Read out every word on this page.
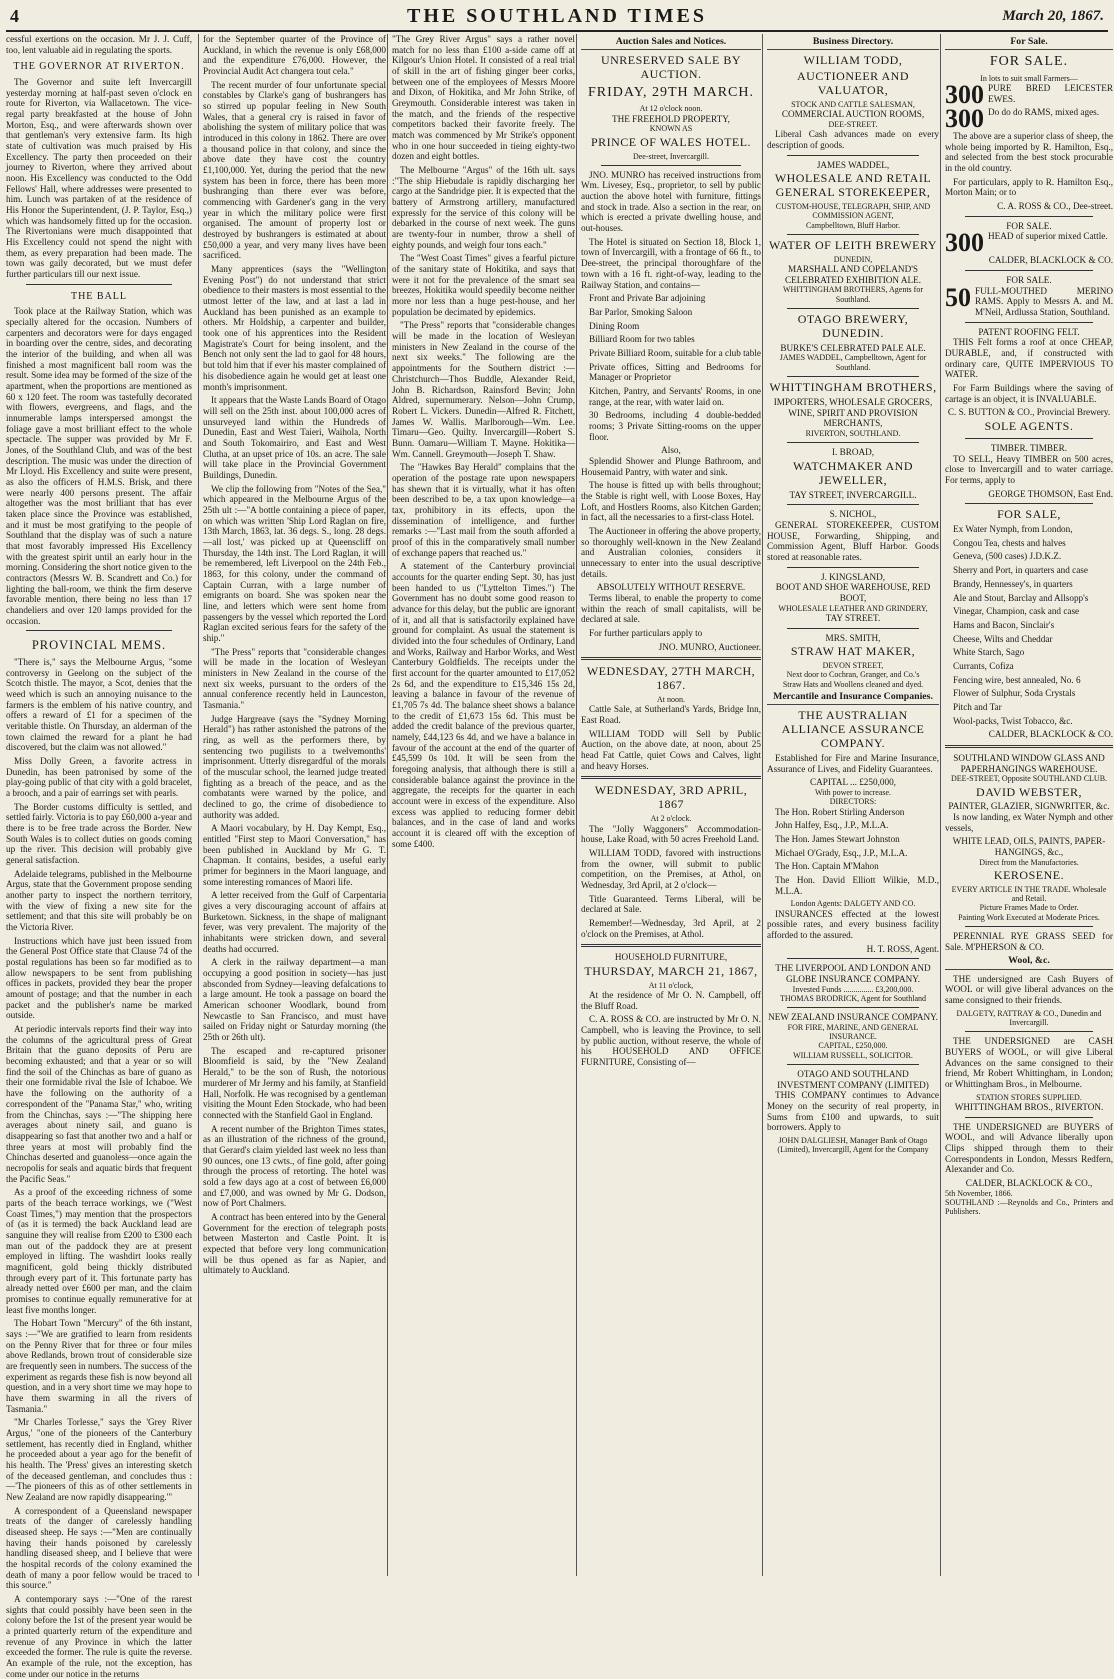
4	THE SOUTHLAND TIMES	March 20, 1867.

cessful exertions on the occasion. Mr J. J. Cuff, too, lent valuable aid in regulating the sports.

THE GOVERNOR AT RIVERTON.

The Governor and suite left Invercargill yesterday morning at half-past seven o'clock en route for Riverton, via Wallacetown. The vice-regal party breakfasted at the house of John Morton, Esq., and were afterwards shown over that gentleman's very extensive farm. Its high state of cultivation was much praised by His Excellency. The party then proceeded on their journey to Riverton, where they arrived about noon. His Excellency was conducted to the Odd Fellows' Hall, where addresses were presented to him. Lunch was partaken of at the residence of His Honor the Superintendent, (J. P. Taylor, Esq.,) which was handsomely fitted up for the occasion. The Rivertonians were much disappointed that His Excellency could not spend the night with them, as every preparation had been made. The town was gaily decorated, but we must defer further particulars till our next issue.

THE BALL

Took place at the Railway Station, which was specially altered for the occasion. Numbers of carpenters and decorators were for days engaged in boarding over the centre, sides, and decorating the interior of the building, and when all was finished a most magnificent ball room was the result. Some idea may be formed of the size of the apartment, when the proportions are mentioned as 60 x 120 feet. The room was tastefully decorated with flowers, evergreens, and flags, and the innumerable lamps interspersed amongst the foliage gave a most brilliant effect to the whole spectacle. The supper was provided by Mr F. Jones, of the Southland Club, and was of the best description. The music was under the direction of Mr Lloyd. His Excellency and suite were present, as also the officers of H.M.S. Brisk, and there were nearly 400 persons present. The affair altogether was the most brilliant that has ever taken place since the Province was established, and it must be most gratifying to the people of Southland that the display was of such a nature that most favorably impressed His Excellency with the greatest spirit until an early hour in the morning. Considering the short notice given to the contractors (Messrs W. B. Scandrett and Co.) for lighting the ball-room, we think the firm deserve favorable mention, there being no less than 17 chandeliers and over 120 lamps provided for the occasion.

PROVINCIAL MEMS.

"There is," says the Melbourne Argus, "some controversy in Geelong on the subject of the Scotch thistle. The mayor, a Scot, denies that the weed which is such an annoying nuisance to the farmers is the emblem of his native country, and offers a reward of £1 for a specimen of the veritable thistle. On Thursday, an alderman of the town claimed the reward for a plant he had discovered, but the claim was not allowed."

Miss Dolly Green, a favorite actress in Dunedin, has been patronised by some of the play-going public of that city with a gold bracelet, a brooch, and a pair of earrings set with pearls.

The Border customs difficulty is settled, and settled fairly. Victoria is to pay £60,000 a-year and there is to be free trade across the Border. New South Wales is to collect duties on goods coming up the river. This decision will probably give general satisfaction.

Adelaide telegrams, published in the Melbourne Argus, state that the Government propose sending another party to inspect the northern territory, with the view of fixing a new site for the settlement; and that this site will probably be on the Victoria River.

Instructions which have just been issued from the General Post Office state that Clause 74 of the postal regulations has been so far modified as to allow newspapers to be sent from publishing offices in packets, provided they bear the proper amount of postage; and that the number in each packet and the publisher's name be marked outside.

At periodic intervals reports find their way into the columns of the agricultural press of Great Britain that the guano deposits of Peru are becoming exhausted; and that a year or so will find the soil of the Chinchas as bare of guano as their one formidable rival the Isle of Ichaboe. We have the following on the authority of a correspondent of the "Panama Star," who, writing from the Chinchas, says :—"The shipping here averages about ninety sail, and guano is disappearing so fast that another two and a half or three years at most will probably find the Chinchas deserted and guanoless—once again the necropolis for seals and aquatic birds that frequent the Pacific Seas."

As a proof of the exceeding richness of some parts of the beach terrace workings, we ("West Coast Times,") may mention that the prospectors of (as it is termed) the back Auckland lead are sanguine they will realise from £200 to £300 each man out of the paddock they are at present employed in lifting. The washdirt looks really magnificent, gold being thickly distributed through every part of it. This fortunate party has already netted over £600 per man, and the claim promises to continue equally remunerative for at least five months longer.

The Hobart Town "Mercury" of the 6th instant, says :—"We are gratified to learn from residents on the Penny River that for three or four miles above Redlands, brown trout of considerable size are frequently seen in numbers. The success of the experiment as regards these fish is now beyond all question, and in a very short time we may hope to have them swarming in all the rivers of Tasmania."

"Mr Charles Torlesse," says the 'Grey River Argus,' "one of the pioneers of the Canterbury settlement, has recently died in England, whither he proceeded about a year ago for the benefit of his health. The 'Press' gives an interesting sketch of the deceased gentleman, and concludes thus :—'The pioneers of this as of other settlements in New Zealand are now rapidly disappearing.'"

A correspondent of a Queensland newspaper treats of the danger of carelessly handling diseased sheep. He says :—"Men are continually having their hands poisoned by carelessly handling diseased sheep, and I believe that were the hospital records of the colony examined the death of many a poor fellow would be traced to this source."

A contemporary says :—"One of the rarest sights that could possibly have been seen in the colony before the 1st of the present year would be a printed quarterly return of the expenditure and revenue of any Province in which the latter exceeded the former. The rule is quite the reverse. An example of the rule, not the exception, has come under our notice in the returns

for the September quarter of the Province of Auckland, in which the revenue is only £68,000 and the expenditure £76,000. However, the Provincial Audit Act changera tout cela."

The recent murder of four unfortunate special constables by Clarke's gang of bushrangers has so stirred up popular feeling in New South Wales, that a general cry is raised in favor of abolishing the system of military police that was introduced in this colony in 1862. There are over a thousand police in that colony, and since the above date they have cost the country £1,100,000. Yet, during the period that the new system has been in force, there has been more bushranging than there ever was before, commencing with Gardener's gang in the very year in which the military police were first organised. The amount of property lost or destroyed by bushrangers is estimated at about £50,000 a year, and very many lives have been sacrificed.

Many apprentices (says the "Wellington Evening Post") do not understand that strict obedience to their masters is most essential to the utmost letter of the law, and at last a lad in Auckland has been punished as an example to others. Mr Holdship, a carpenter and builder, took one of his apprentices into the Resident Magistrate's Court for being insolent, and the Bench not only sent the lad to gaol for 48 hours, but told him that if ever his master complained of his disobedience again he would get at least one month's imprisonment.

It appears that the Waste Lands Board of Otago will sell on the 25th inst. about 100,000 acres of unsurveyed land within the Hundreds of Dunedin, East and West Taieri, Waihola, North and South Tokomairiro, and East and West Clutha, at an upset price of 10s. an acre. The sale will take place in the Provincial Government Buildings, Dunedin.

We clip the following from "Notes of the Sea," which appeared in the Melbourne Argus of the 25th ult :—"A bottle containing a piece of paper, on which was written 'Ship Lord Raglan on fire, 13th March, 1863, lat. 36 degs. S., long. 28 degs.—all lost,' was picked up at Queenscliff on Thursday, the 14th inst. The Lord Raglan, it will be remembered, left Liverpool on the 24th Feb., 1863, for this colony, under the command of Captain Curran, with a large number of emigrants on board. She was spoken near the line, and letters which were sent home from passengers by the vessel which reported the Lord Raglan excited serious fears for the safety of the ship."

"The Press" reports that "considerable changes will be made in the location of Wesleyan ministers in New Zealand in the course of the next six weeks, pursuant to the orders of the annual conference recently held in Launceston, Tasmania."

Judge Hargreave (says the "Sydney Morning Herald") has rather astonished the patrons of the ring, as well as the performers there, by sentencing two pugilists to a twelvemonths' imprisonment. Utterly disregardful of the morals of the muscular school, the learned judge treated fighting as a breach of the peace, and as the combatants were warned by the police, and declined to go, the crime of disobedience to authority was added.

A Maori vocabulary, by H. Day Kempt, Esq., entitled "First step to Maori Conversation," has been published in Auckland by Mr G. T. Chapman. It contains, besides, a useful early primer for beginners in the Maori language, and some interesting romances of Maori life.

A letter received from the Gulf of Carpentaria gives a very discouraging account of affairs at Burketown. Sickness, in the shape of malignant fever, was very prevalent. The majority of the inhabitants were stricken down, and several deaths had occurred.

A clerk in the railway department—a man occupying a good position in society—has just absconded from Sydney—leaving defalcations to a large amount. He took a passage on board the American schooner Woodlark, bound from Newcastle to San Francisco, and must have sailed on Friday night or Saturday morning (the 25th or 26th ult).

The escaped and re-captured prisoner Bloomfield is said, by the "New Zealand Herald," to be the son of Rush, the notorious murderer of Mr Jermy and his family, at Stanfield Hall, Norfolk. He was recognised by a gentleman visiting the Mount Eden Stockade, who had been connected with the Stanfield Gaol in England.

A recent number of the Brighton Times states, as an illustration of the richness of the ground, that Gerard's claim yielded last week no less than 90 ounces, one 13 cwts., of fine gold, after going through the process of retorting. The hotel was sold a few days ago at a cost of between £6,000 and £7,000, and was owned by Mr G. Dodson, now of Port Chalmers.

A contract has been entered into by the General Government for the erection of telegraph posts between Masterton and Castle Point. It is expected that before very long communication will be thus opened as far as Napier, and ultimately to Auckland.

"The Grey River Argus" says a rather novel match for no less than £100 a-side came off at Kilgour's Union Hotel. It consisted of a real trial of skill in the art of fishing ginger beer corks, between one of the employees of Messrs Moore and Dixon, of Hokitika, and Mr John Strike, of Greymouth. Considerable interest was taken in the match, and the friends of the respective competitors backed their favorite freely. The match was commenced by Mr Strike's opponent who in one hour succeeded in tieing eighty-two dozen and eight bottles.

The Melbourne "Argus" of the 16th ult. says :"The ship Hiebudale is rapidly discharging her cargo at the Sandridge pier. It is expected that the battery of Armstrong artillery, manufactured expressly for the service of this colony will be debarked in the course of next week. The guns are twenty-four in number, throw a shell of eighty pounds, and weigh four tons each."

The "West Coast Times" gives a fearful picture of the sanitary state of Hokitika, and says that were it not for the prevalence of the smart sea breezes, Hokitika would speedily become neither more nor less than a huge pest-house, and her population be decimated by epidemics.

"The Press" reports that "considerable changes will be made in the location of Wesleyan ministers in New Zealand in the course of the next six weeks." The following are the appointments for the Southern district :—Christchurch—Thos Buddle, Alexander Reid, John B. Richardson, Rainsford Bevin; John Aldred, supernumerary. Nelson—John Crump, Robert L. Vickers. Dunedin—Alfred R. Fitchett, James W. Wallis. Marlborough—Wm. Lee. Timaru—Geo. Quilty. Invercargill—Robert S. Bunn. Oamaru—William T. Mayne. Hokitika—Wm. Cannell. Greymouth—Joseph T. Shaw.

The "Hawkes Bay Herald" complains that the operation of the postage rate upon newspapers has shewn that it is virtually, what it has often been described to be, a tax upon knowledge—a tax, prohibitory in its effects, upon the dissemination of intelligence, and further remarks :—"Last mail from the south afforded a proof of this in the comparatively small number of exchange papers that reached us."

A statement of the Canterbury provincial accounts for the quarter ending Sept. 30, has just been handed to us ("Lyttelton Times.") The Government has no doubt some good reason to advance for this delay, but the public are ignorant of it, and all that is satisfactorily explained have ground for complaint. As usual the statement is divided into the four schedules of Ordinary, Land and Works, Railway and Harbor Works, and West Canterbury Goldfields. The receipts under the first account for the quarter amounted to £17,052 2s 6d, and the expenditure to £15,346 15s 2d, leaving a balance in favour of the revenue of £1,705 7s 4d. The balance sheet shows a balance to the credit of £1,673 15s 6d. This must be added the credit balance of the previous quarter, namely, £44,123 6s 4d, and we have a balance in favour of the account at the end of the quarter of £45,599 0s 10d. It will be seen from the foregoing analysis, that although there is still a considerable balance against the province in the aggregate, the receipts for the quarter in each account were in excess of the expenditure. Also excess was applied to reducing former debit balances, and in the case of land and works account it is cleared off with the exception of some £400.

Auction Sales and Notices.
UNRESERVED SALE BY AUCTION.
FRIDAY, 29TH MARCH.
At 12 o'clock noon.
THE FREEHOLD PROPERTY,
KNOWN AS
PRINCE OF WALES HOTEL.
Dee-street, Invercargill.

JNO. MUNRO has received instructions from Wm. Livesey, Esq., proprietor, to sell by public auction the above hotel with furniture, fittings and stock in trade. Also a section in the rear, on which is erected a private dwelling house, and out-houses.

The Hotel is situated on Section 18, Block 1, town of Invercargill, with a frontage of 66 ft., to Dee-street, the principal thoroughfare of the town with a 16 ft. right-of-way, leading to the Railway Station, and contains—

Front and Private Bar adjoining

Bar Parlor, Smoking Saloon

Dining Room

Billiard Room for two tables

Private Billiard Room, suitable for a club table

Private offices, Sitting and Bedrooms for Manager or Proprietor

Kitchen, Pantry, and Servants' Rooms, in one range, at the rear, with water laid on.

30 Bedrooms, including 4 double-bedded rooms; 3 Private Sitting-rooms on the upper floor.

Also,

Splendid Shower and Plunge Bathroom, and Housemaid Pantry, with water and sink.

The house is fitted up with bells throughout; the Stable is right well, with Loose Boxes, Hay Loft, and Hostlers Rooms, also Kitchen Garden; in fact, all the necessaries to a first-class Hotel.

The Auctioneer in offering the above property, so thoroughly well-known in the New Zealand and Australian colonies, considers it unnecessary to enter into the usual descriptive details.

ABSOLUTELY WITHOUT RESERVE.

Terms liberal, to enable the property to come within the reach of small capitalists, will be declared at sale.

For further particulars apply to

JNO. MUNRO, Auctioneer.

WEDNESDAY, 27TH MARCH, 1867.
At noon.

Cattle Sale, at Sutherland's Yards, Bridge Inn, East Road.

WILLIAM TODD will Sell by Public Auction, on the above date, at noon, about 25 head Fat Cattle, quiet Cows and Calves, light and heavy Horses.

WEDNESDAY, 3RD APRIL, 1867
At 2 o'clock.

The "Jolly Waggoners" Accommodation-house, Lake Road, with 50 acres Freehold Land.

WILLIAM TODD, favored with instructions from the owner, will submit to public competition, on the Premises, at Athol, on Wednesday, 3rd April, at 2 o'clock—

Title Guaranteed. Terms Liberal, will be declared at Sale.

Remember!—Wednesday, 3rd April, at 2 o'clock on the Premises, at Athol.

HOUSEHOLD FURNITURE,
THURSDAY, MARCH 21, 1867,
At 11 o'clock,

At the residence of Mr O. N. Campbell, off the Bluff Road.

C. A. ROSS & CO. are instructed by Mr O. N. Campbell, who is leaving the Province, to sell by public auction, without reserve, the whole of his HOUSEHOLD AND OFFICE FURNITURE, Consisting of—

Business Directory.
WILLIAM TODD,
AUCTIONEER AND VALUATOR,
STOCK AND CATTLE SALESMAN,
COMMERCIAL AUCTION ROOMS,
DEE-STREET.

Liberal Cash advances made on every description of goods.

JAMES WADDEL,
WHOLESALE AND RETAIL GENERAL STOREKEEPER,
CUSTOM-HOUSE, TELEGRAPH, SHIP, AND COMMISSION AGENT,
Campbelltown, Bluff Harbor.
WATER OF LEITH BREWERY
DUNEDIN,
MARSHALL AND COPELAND'S CELEBRATED EXHIBITION ALE.
WHITTINGHAM BROTHERS, Agents for Southland.
OTAGO BREWERY, DUNEDIN.
BURKE'S CELEBRATED PALE ALE.
JAMES WADDEL, Campbelltown, Agent for Southland.
WHITTINGHAM BROTHERS,
IMPORTERS, WHOLESALE GROCERS, WINE, SPIRIT AND PROVISION MERCHANTS,
RIVERTON, SOUTHLAND.
I. BROAD,
WATCHMAKER AND JEWELLER,
TAY STREET, INVERCARGILL.
S. NICHOL,

GENERAL STOREKEEPER, CUSTOM HOUSE, Forwarding, Shipping, and Commission Agent, Bluff Harbor. Goods stored at reasonable rates.

J. KINGSLAND,
BOOT AND SHOE WAREHOUSE, RED BOOT,
WHOLESALE LEATHER AND GRINDERY,
TAY STREET.
MRS. SMITH,
STRAW HAT MAKER,
DEVON STREET,
Next door to Cochran, Granger, and Co.'s
Straw Hats and Woollens cleaned and dyed.
Mercantile and Insurance Companies.
THE AUSTRALIAN ALLIANCE ASSURANCE COMPANY.

Established for Fire and Marine Insurance, Assurance of Lives, and Fidelity Guarantees.

CAPITAL ... £250,000,
With power to increase.
DIRECTORS:

The Hon. Robert Stirling Anderson

John Halfey, Esq., J.P., M.L.A.

The Hon. James Stewart Johnston

Michael O'Grady, Esq., J.P., M.L.A.

The Hon. Captain M'Mahon

The Hon. David Elliott Wilkie, M.D., M.L.A.

London Agents: DALGETY AND CO.

INSURANCES effected at the lowest possible rates, and every business facility afforded to the assured.

H. T. ROSS, Agent.

THE LIVERPOOL AND LONDON AND GLOBE INSURANCE COMPANY.
Invested Funds ............... £3,200,000.
THOMAS BRODRICK, Agent for Southland
NEW ZEALAND INSURANCE COMPANY.
FOR FIRE, MARINE, AND GENERAL INSURANCE.
CAPITAL, £250,000.
WILLIAM RUSSELL, SOLICITOR.
OTAGO AND SOUTHLAND INVESTMENT COMPANY (LIMITED)

THIS COMPANY continues to Advance Money on the security of real property, in Sums from £100 and upwards, to suit borrowers. Apply to

JOHN DALGLIESH, Manager Bank of Otago (Limited), Invercargill, Agent for the Company
For Sale.
FOR SALE.
In lots to suit small Farmers—
300 PURE BRED LEICESTER EWES.
300 Do do do RAMS, mixed ages.

The above are a superior class of sheep, the whole being imported by R. Hamilton, Esq., and selected from the best stock procurable in the old country.

For particulars, apply to R. Hamilton Esq., Morton Main; or to

C. A. ROSS & CO., Dee-street.

FOR SALE.
300 HEAD of superior mixed Cattle.

CALDER, BLACKLOCK & CO.

FOR SALE.
50 FULL-MOUTHED MERINO RAMS. Apply to Messrs A. and M. M'Neil, Ardlussa Station, Southland.
PATENT ROOFING FELT.

THIS Felt forms a roof at once CHEAP, DURABLE, and, if constructed with ordinary care, QUITE IMPERVIOUS TO WATER.

For Farm Buildings where the saving of cartage is an object, it is INVALUABLE.

C. S. BUTTON & CO., Provincial Brewery.
SOLE AGENTS.
TIMBER. TIMBER.

TO SELL, Heavy TIMBER on 500 acres, close to Invercargill and to water carriage. For terms, apply to

GEORGE THOMSON, East End.

FOR SALE,

Ex Water Nymph, from London,

Congou Tea, chests and halves

Geneva, (500 cases) J.D.K.Z.

Sherry and Port, in quarters and case

Brandy, Hennessey's, in quarters

Ale and Stout, Barclay and Allsopp's

Vinegar, Champion, cask and case

Hams and Bacon, Sinclair's

Cheese, Wilts and Cheddar

White Starch, Sago

Currants, Cofiza

Fencing wire, best annealed, No. 6

Flower of Sulphur, Soda Crystals

Pitch and Tar

Wool-packs, Twist Tobacco, &c.

CALDER, BLACKLOCK & CO.

SOUTHLAND WINDOW GLASS AND PAPERHANGINGS WAREHOUSE.
DEE-STREET, Opposite SOUTHLAND CLUB.
DAVID WEBSTER,
PAINTER, GLAZIER, SIGNWRITER, &c.

Is now landing, ex Water Nymph and other vessels,

WHITE LEAD, OILS, PAINTS, PAPER-HANGINGS, &c.,
Direct from the Manufactories.
KEROSENE.
EVERY ARTICLE IN THE TRADE. Wholesale and Retail.
Picture Frames Made to Order.
Painting Work Executed at Moderate Prices.

PERENNIAL RYE GRASS SEED for Sale. M'PHERSON & CO.

Wool, &c.

THE undersigned are Cash Buyers of WOOL or will give liberal advances on the same consigned to their friends.

DALGETY, RATTRAY & CO., Dunedin and Invercargill.

THE UNDERSIGNED are CASH BUYERS of WOOL, or will give Liberal Advances on the same consigned to their friend, Mr Robert Whittingham, in London; or Whittingham Bros., in Melbourne.

STATION STORES SUPPLIED.
WHITTINGHAM BROS., RIVERTON.

THE UNDERSIGNED are BUYERS of WOOL, and will Advance liberally upon Clips shipped through them to their Correspondents in London, Messrs Redfern, Alexander and Co.

CALDER, BLACKLOCK & CO.,
5th November, 1866.
SOUTHLAND :—Reynolds and Co., Printers and Publishers.
